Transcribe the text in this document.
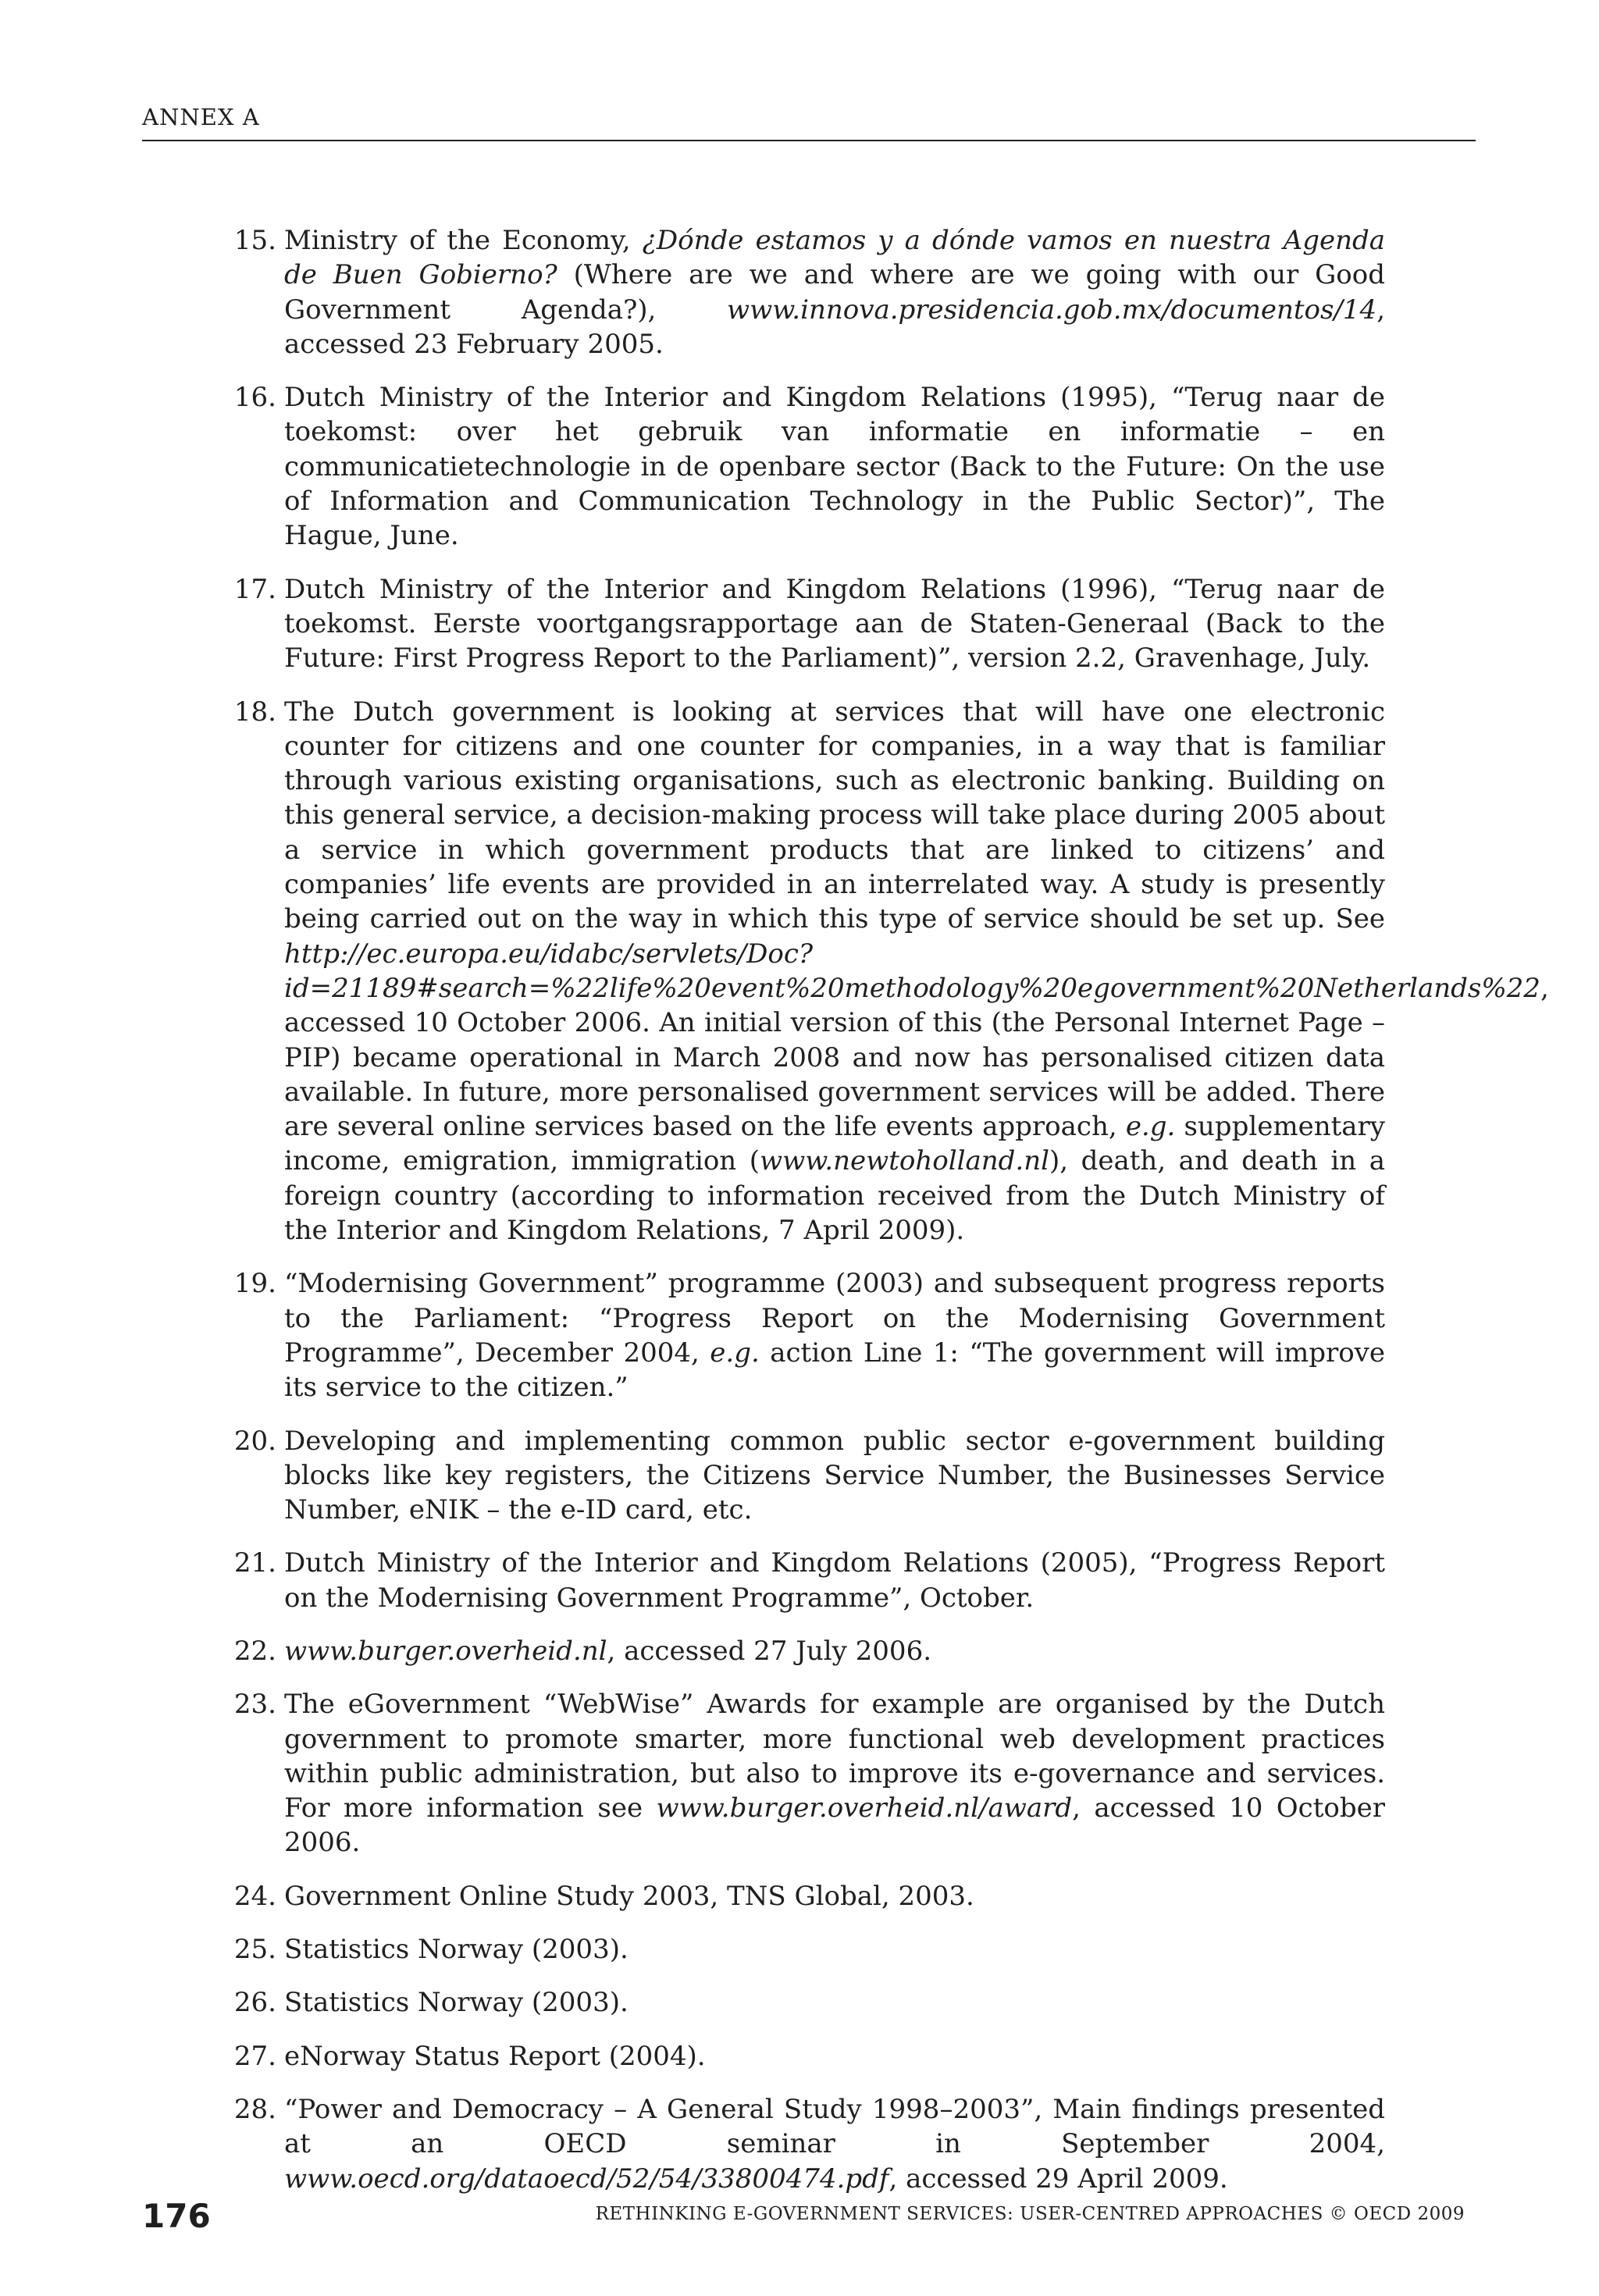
ANNEX A
15. Ministry of the Economy, ¿Dónde estamos y a dónde vamos en nuestra Agenda de Buen Gobierno? (Where are we and where are we going with our Good Government Agenda?), www.innova.presidencia.gob.mx/documentos/14, accessed 23 February 2005.
16. Dutch Ministry of the Interior and Kingdom Relations (1995), “Terug naar de toekomst: over het gebruik van informatie en informatie – en communicatietechnologie in de openbare sector (Back to the Future: On the use of Information and Communication Technology in the Public Sector)”, The Hague, June.
17. Dutch Ministry of the Interior and Kingdom Relations (1996), “Terug naar de toekomst. Eerste voortgangsrapportage aan de Staten-Generaal (Back to the Future: First Progress Report to the Parliament)”, version 2.2, Gravenhage, July.
18. The Dutch government is looking at services that will have one electronic counter for citizens and one counter for companies, in a way that is familiar through various existing organisations, such as electronic banking. Building on this general service, a decision-making process will take place during 2005 about a service in which government products that are linked to citizens’ and companies’ life events are provided in an interrelated way. A study is presently being carried out on the way in which this type of service should be set up. See http://ec.europa.eu/idabc/servlets/Doc?id=21189#search=%22life%20event%20methodology%20egovernment%20Netherlands%22, accessed 10 October 2006. An initial version of this (the Personal Internet Page – PIP) became operational in March 2008 and now has personalised citizen data available. In future, more personalised government services will be added. There are several online services based on the life events approach, e.g. supplementary income, emigration, immigration (www.newtoholland.nl), death, and death in a foreign country (according to information received from the Dutch Ministry of the Interior and Kingdom Relations, 7 April 2009).
19. “Modernising Government” programme (2003) and subsequent progress reports to the Parliament: “Progress Report on the Modernising Government Programme”, December 2004, e.g. action Line 1: “The government will improve its service to the citizen.”
20. Developing and implementing common public sector e-government building blocks like key registers, the Citizens Service Number, the Businesses Service Number, eNIK – the e-ID card, etc.
21. Dutch Ministry of the Interior and Kingdom Relations (2005), “Progress Report on the Modernising Government Programme”, October.
22. www.burger.overheid.nl, accessed 27 July 2006.
23. The eGovernment “WebWise” Awards for example are organised by the Dutch government to promote smarter, more functional web development practices within public administration, but also to improve its e-governance and services. For more information see www.burger.overheid.nl/award, accessed 10 October 2006.
24. Government Online Study 2003, TNS Global, 2003.
25. Statistics Norway (2003).
26. Statistics Norway (2003).
27. eNorway Status Report (2004).
28. “Power and Democracy – A General Study 1998–2003”, Main findings presented at an OECD seminar in September 2004, www.oecd.org/dataoecd/52/54/33800474.pdf, accessed 29 April 2009.
176	RETHINKING E-GOVERNMENT SERVICES: USER-CENTRED APPROACHES © OECD 2009
